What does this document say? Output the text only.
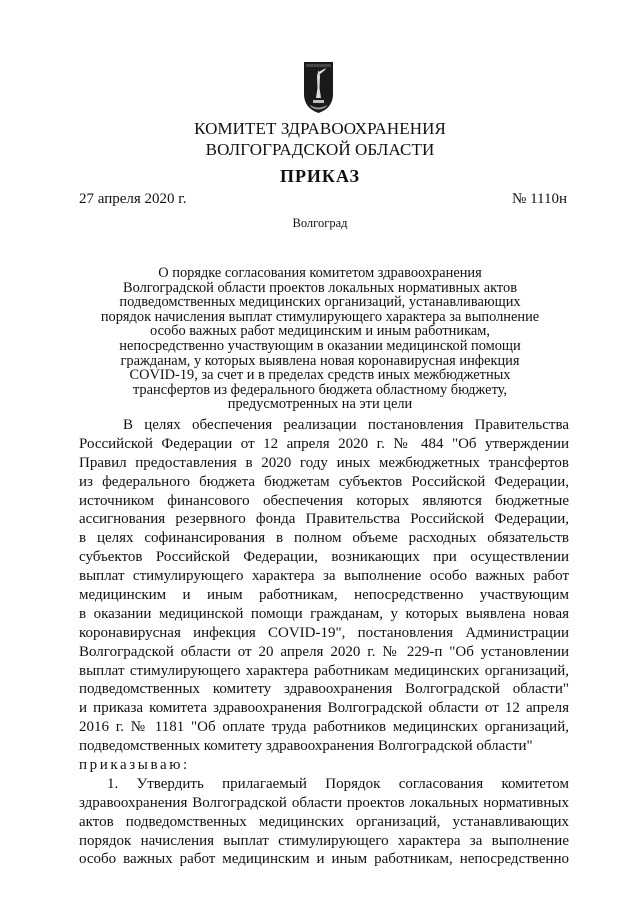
КОМИТЕТ ЗДРАВООХРАНЕНИЯ
ВОЛГОГРАДСКОЙ ОБЛАСТИ
ПРИКАЗ
27 апреля 2020 г.	№ 1110н
Волгоград
О порядке согласования комитетом здравоохранения
Волгоградской области проектов локальных нормативных актов
подведомственных медицинских организаций, устанавливающих
порядок начисления выплат стимулирующего характера за выполнение
особо важных работ медицинским и иным работникам,
непосредственно участвующим в оказании медицинской помощи
гражданам, у которых выявлена новая коронавирусная инфекция
COVID-19, за счет и в пределах средств иных межбюджетных
трансфертов из федерального бюджета областному бюджету,
предусмотренных на эти цели
В целях обеспечения реализации постановления Правительства
Российской Федерации от 12 апреля 2020 г. № 484 "Об утверждении
Правил предоставления в 2020 году иных межбюджетных трансфертов
из федерального бюджета бюджетам субъектов Российской Федерации,
источником финансового обеспечения которых являются бюджетные
ассигнования резервного фонда Правительства Российской Федерации,
в целях софинансирования в полном объеме расходных обязательств
субъектов Российской Федерации, возникающих при осуществлении
выплат стимулирующего характера за выполнение особо важных работ
медицинским и иным работникам, непосредственно участвующим
в оказании медицинской помощи гражданам, у которых выявлена новая
коронавирусная инфекция COVID-19", постановления Администрации
Волгоградской области от 20 апреля 2020 г. № 229-п "Об установлении
выплат стимулирующего характера работникам медицинских организаций,
подведомственных комитету здравоохранения Волгоградской области"
и приказа комитета здравоохранения Волгоградской области от 12 апреля
2016 г. № 1181 "Об оплате труда работников медицинских организаций,
подведомственных комитету здравоохранения Волгоградской области"
приказываю:
1. Утвердить прилагаемый Порядок согласования комитетом
здравоохранения Волгоградской области проектов локальных нормативных
актов подведомственных медицинских организаций, устанавливающих
порядок начисления выплат стимулирующего характера за выполнение
особо важных работ медицинским и иным работникам, непосредственно
